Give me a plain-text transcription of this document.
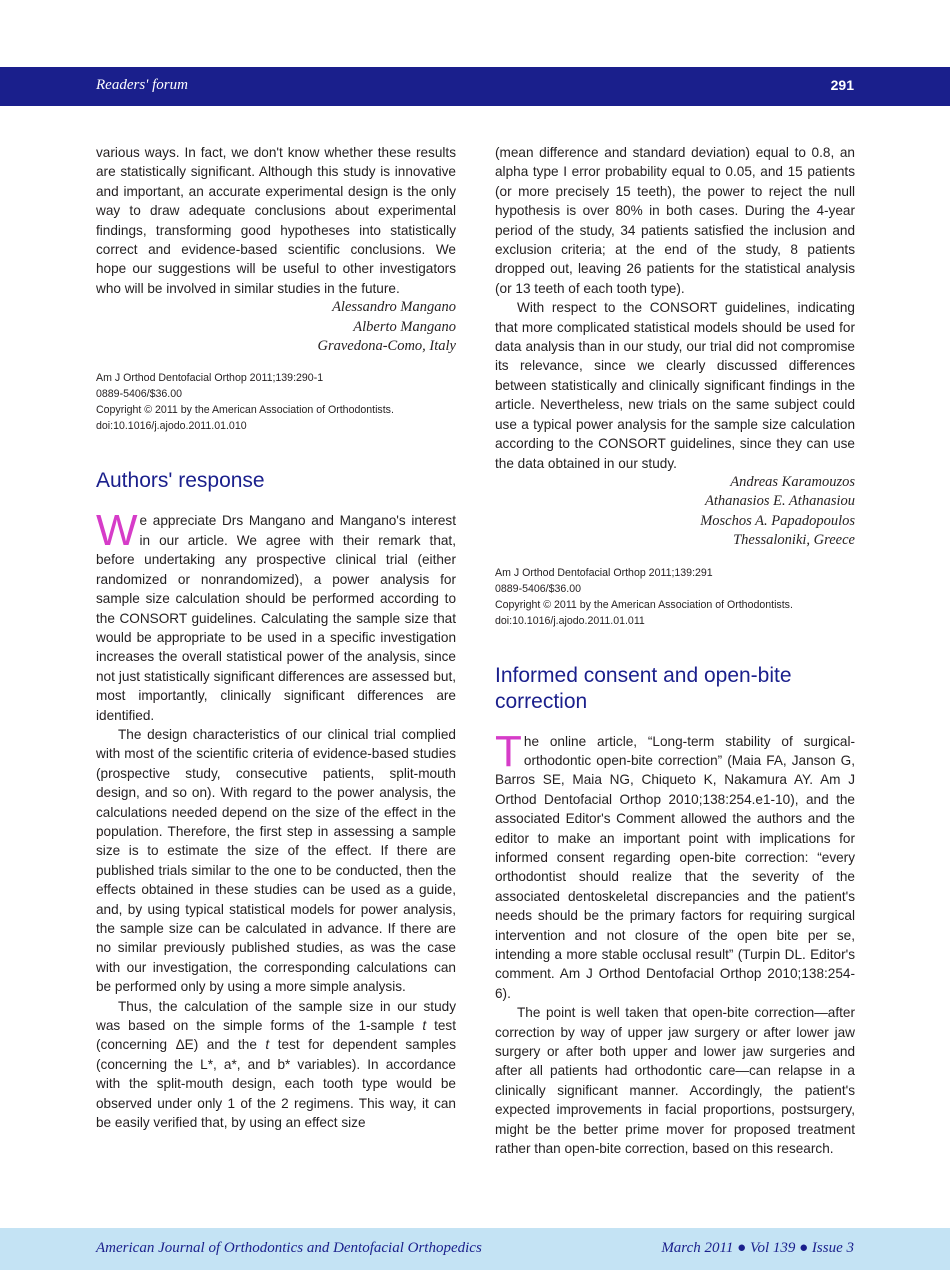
Readers' forum	291

various ways. In fact, we don't know whether these results are statistically significant. Although this study is innovative and important, an accurate experimental design is the only way to draw adequate conclusions about experimental findings, transforming good hypotheses into statistically correct and evidence-based scientific conclusions. We hope our suggestions will be useful to other investigators who will be involved in similar studies in the future.

Alessandro Mangano
Alberto Mangano
Gravedona-Como, Italy
Am J Orthod Dentofacial Orthop 2011;139:290-1
0889-5406/$36.00
Copyright © 2011 by the American Association of Orthodontists.
doi:10.1016/j.ajodo.2011.01.010
Authors' response

We appreciate Drs Mangano and Mangano's interest in our article. We agree with their remark that, before undertaking any prospective clinical trial (either randomized or nonrandomized), a power analysis for sample size calculation should be performed according to the CONSORT guidelines. Calculating the sample size that would be appropriate to be used in a specific investigation increases the overall statistical power of the analysis, since not just statistically significant differences are assessed but, most importantly, clinically significant differences are identified.

The design characteristics of our clinical trial complied with most of the scientific criteria of evidence-based studies (prospective study, consecutive patients, split-mouth design, and so on). With regard to the power analysis, the calculations needed depend on the size of the effect in the population. Therefore, the first step in assessing a sample size is to estimate the size of the effect. If there are published trials similar to the one to be conducted, then the effects obtained in these studies can be used as a guide, and, by using typical statistical models for power analysis, the sample size can be calculated in advance. If there are no similar previously published studies, as was the case with our investigation, the corresponding calculations can be performed only by using a more simple analysis.

Thus, the calculation of the sample size in our study was based on the simple forms of the 1-sample t test (concerning ΔE) and the t test for dependent samples (concerning the L*, a*, and b* variables). In accordance with the split-mouth design, each tooth type would be observed under only 1 of the 2 regimens. This way, it can be easily verified that, by using an effect size

(mean difference and standard deviation) equal to 0.8, an alpha type I error probability equal to 0.05, and 15 patients (or more precisely 15 teeth), the power to reject the null hypothesis is over 80% in both cases. During the 4-year period of the study, 34 patients satisfied the inclusion and exclusion criteria; at the end of the study, 8 patients dropped out, leaving 26 patients for the statistical analysis (or 13 teeth of each tooth type).

With respect to the CONSORT guidelines, indicating that more complicated statistical models should be used for data analysis than in our study, our trial did not compromise its relevance, since we clearly discussed differences between statistically and clinically significant findings in the article. Nevertheless, new trials on the same subject could use a typical power analysis for the sample size calculation according to the CONSORT guidelines, since they can use the data obtained in our study.

Andreas Karamouzos
Athanasios E. Athanasiou
Moschos A. Papadopoulos
Thessaloniki, Greece
Am J Orthod Dentofacial Orthop 2011;139:291
0889-5406/$36.00
Copyright © 2011 by the American Association of Orthodontists.
doi:10.1016/j.ajodo.2011.01.011
Informed consent and open-bite correction

The online article, “Long-term stability of surgical-orthodontic open-bite correction” (Maia FA, Janson G, Barros SE, Maia NG, Chiqueto K, Nakamura AY. Am J Orthod Dentofacial Orthop 2010;138:254.e1-10), and the associated Editor's Comment allowed the authors and the editor to make an important point with implications for informed consent regarding open-bite correction: “every orthodontist should realize that the severity of the associated dentoskeletal discrepancies and the patient's needs should be the primary factors for requiring surgical intervention and not closure of the open bite per se, intending a more stable occlusal result” (Turpin DL. Editor's comment. Am J Orthod Dentofacial Orthop 2010;138:254-6).

The point is well taken that open-bite correction—after correction by way of upper jaw surgery or after lower jaw surgery or after both upper and lower jaw surgeries and after all patients had orthodontic care—can relapse in a clinically significant manner. Accordingly, the patient's expected improvements in facial proportions, postsurgery, might be the better prime mover for proposed treatment rather than open-bite correction, based on this research.

American Journal of Orthodontics and Dentofacial Orthopedics	March 2011 ● Vol 139 ● Issue 3
